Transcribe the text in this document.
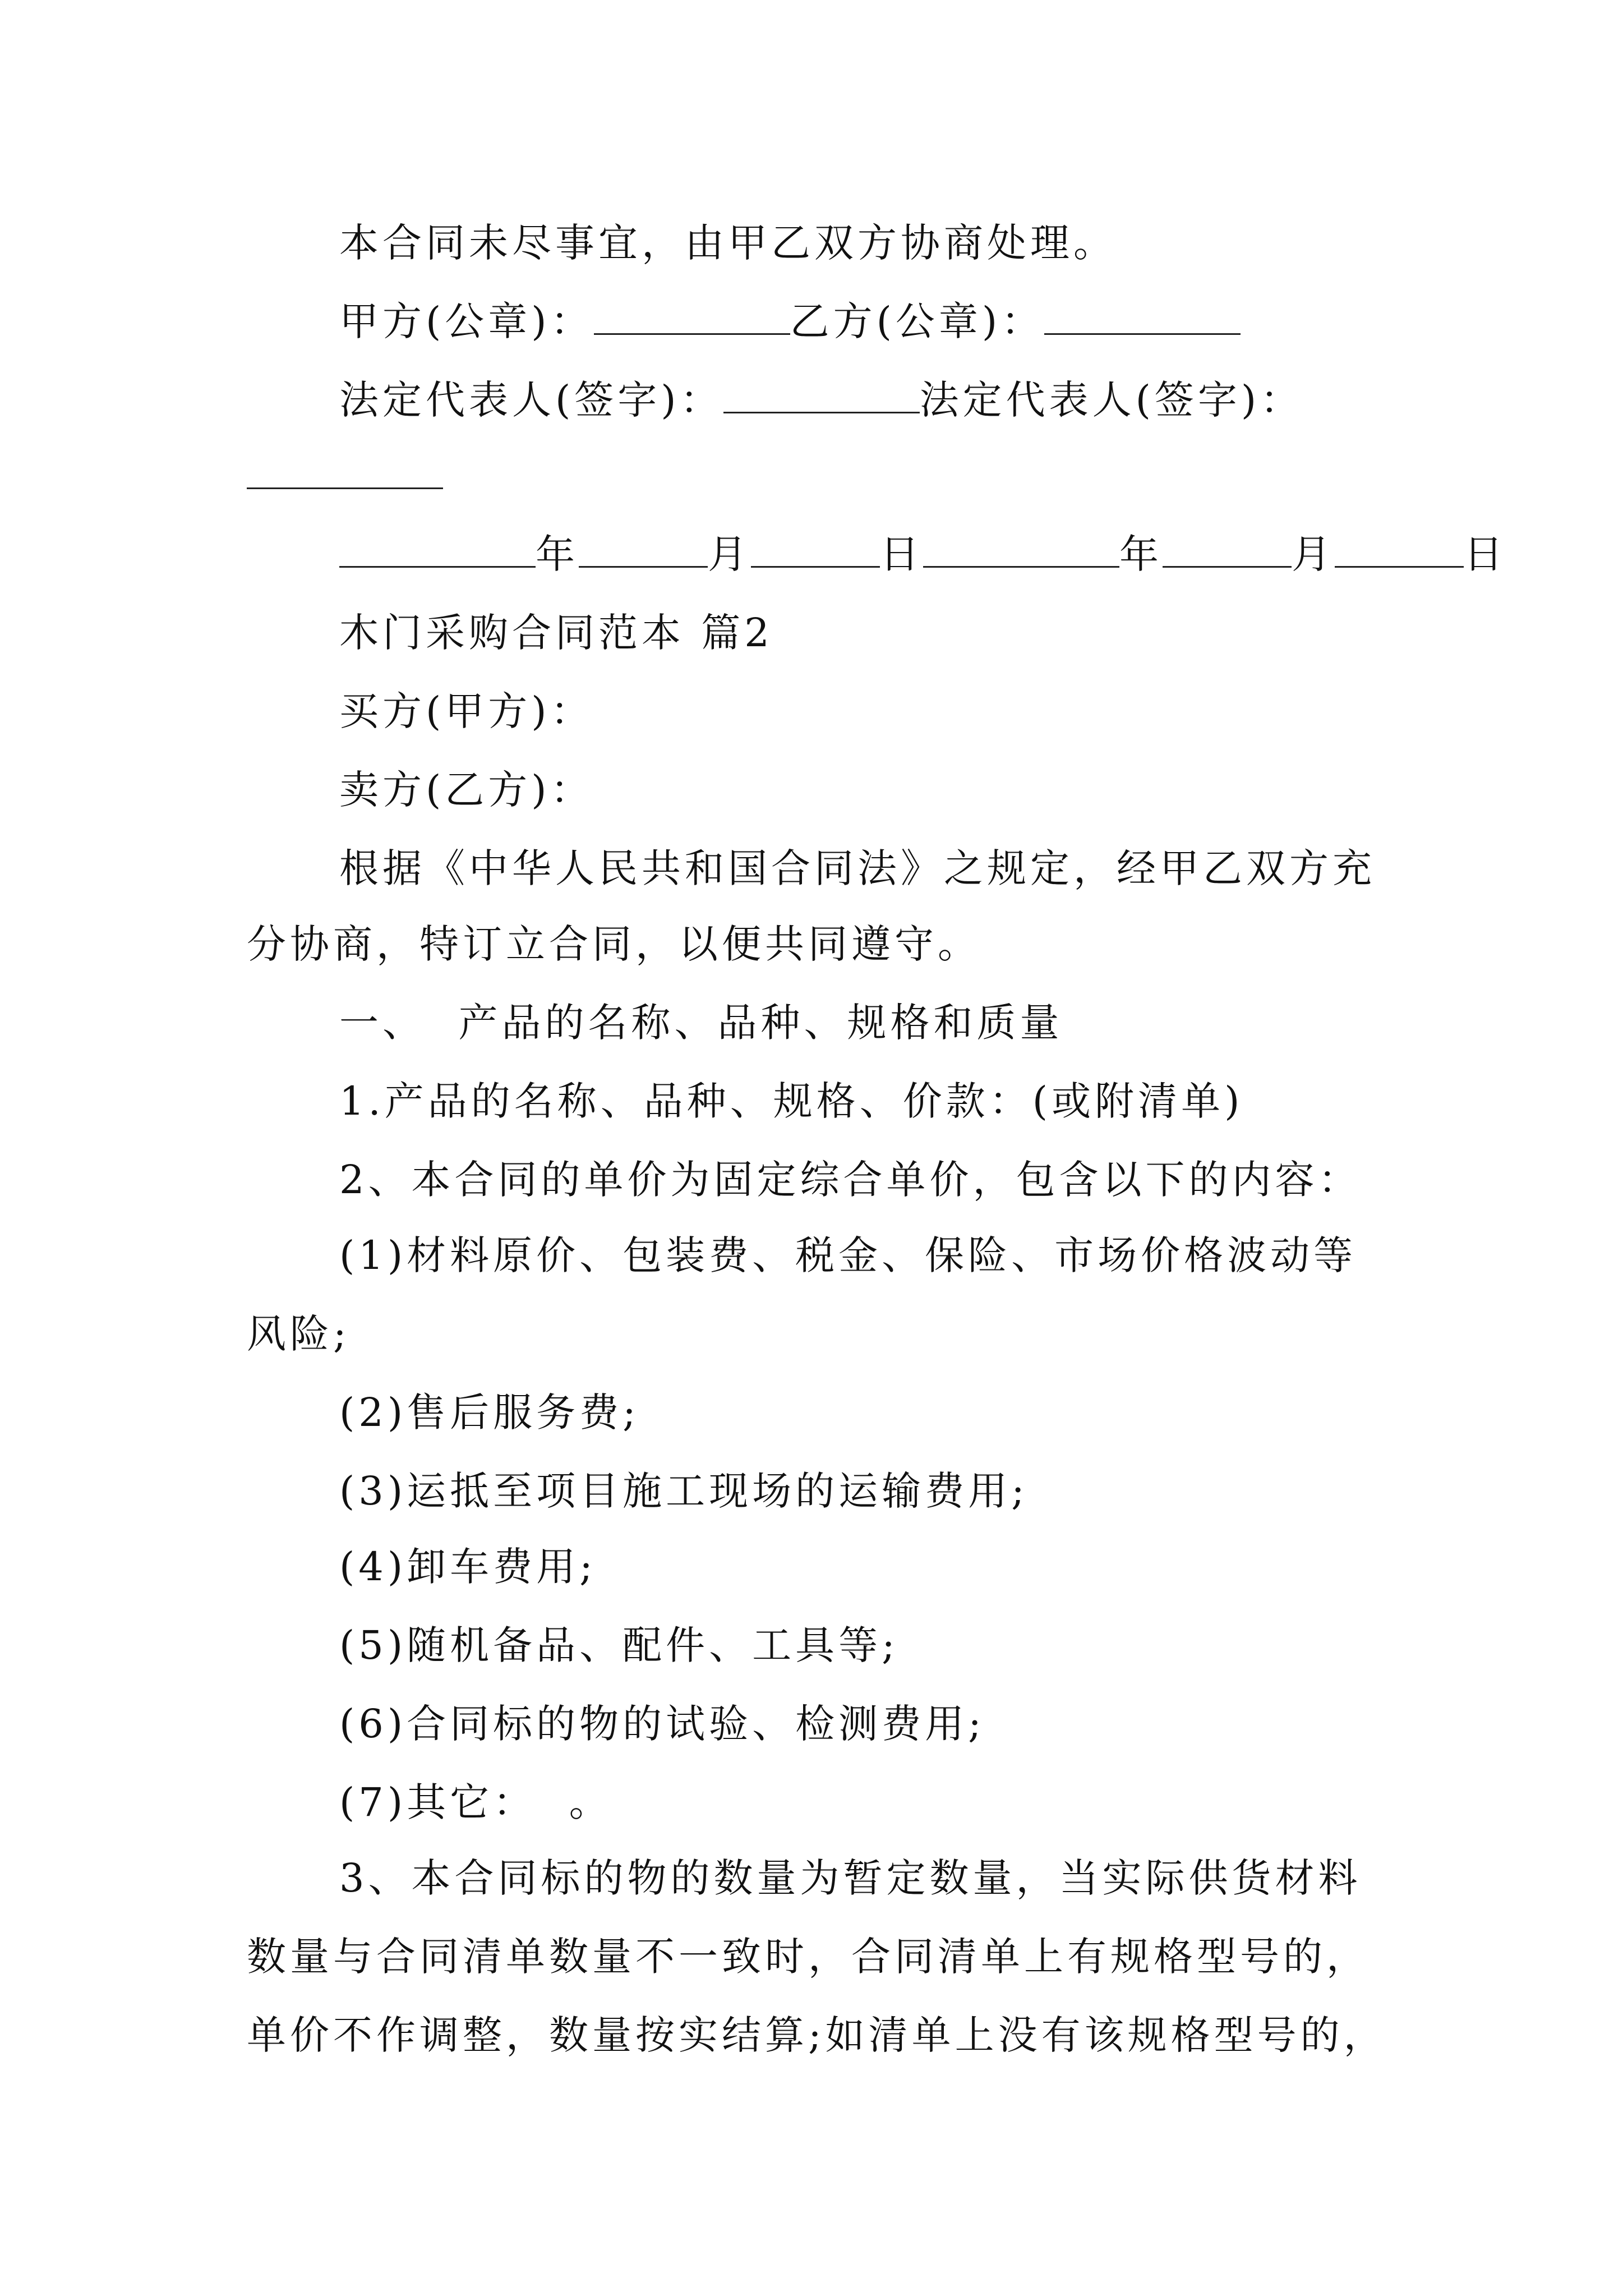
本合同未尽事宜，由甲乙双方协商处理。
甲方(公章)：	乙方(公章)：
法定代表人(签字)：	法定代表人(签字)：
年	月	日	年	月	日
木门采购合同范本 篇2
买方(甲方)：
卖方(乙方)：
根据《中华人民共和国合同法》之规定，经甲乙双方充
分协商，特订立合同，以便共同遵守。
一、  产品的名称、品种、规格和质量
1.产品的名称、品种、规格、价款：(或附清单)
2、本合同的单价为固定综合单价，包含以下的内容：
(1)材料原价、包装费、税金、保险、市场价格波动等
风险;
(2)售后服务费;
(3)运抵至项目施工现场的运输费用;
(4)卸车费用;
(5)随机备品、配件、工具等;
(6)合同标的物的试验、检测费用;
(7)其它：  。
3、本合同标的物的数量为暂定数量，当实际供货材料
数量与合同清单数量不一致时，合同清单上有规格型号的，
单价不作调整，数量按实结算;如清单上没有该规格型号的，
